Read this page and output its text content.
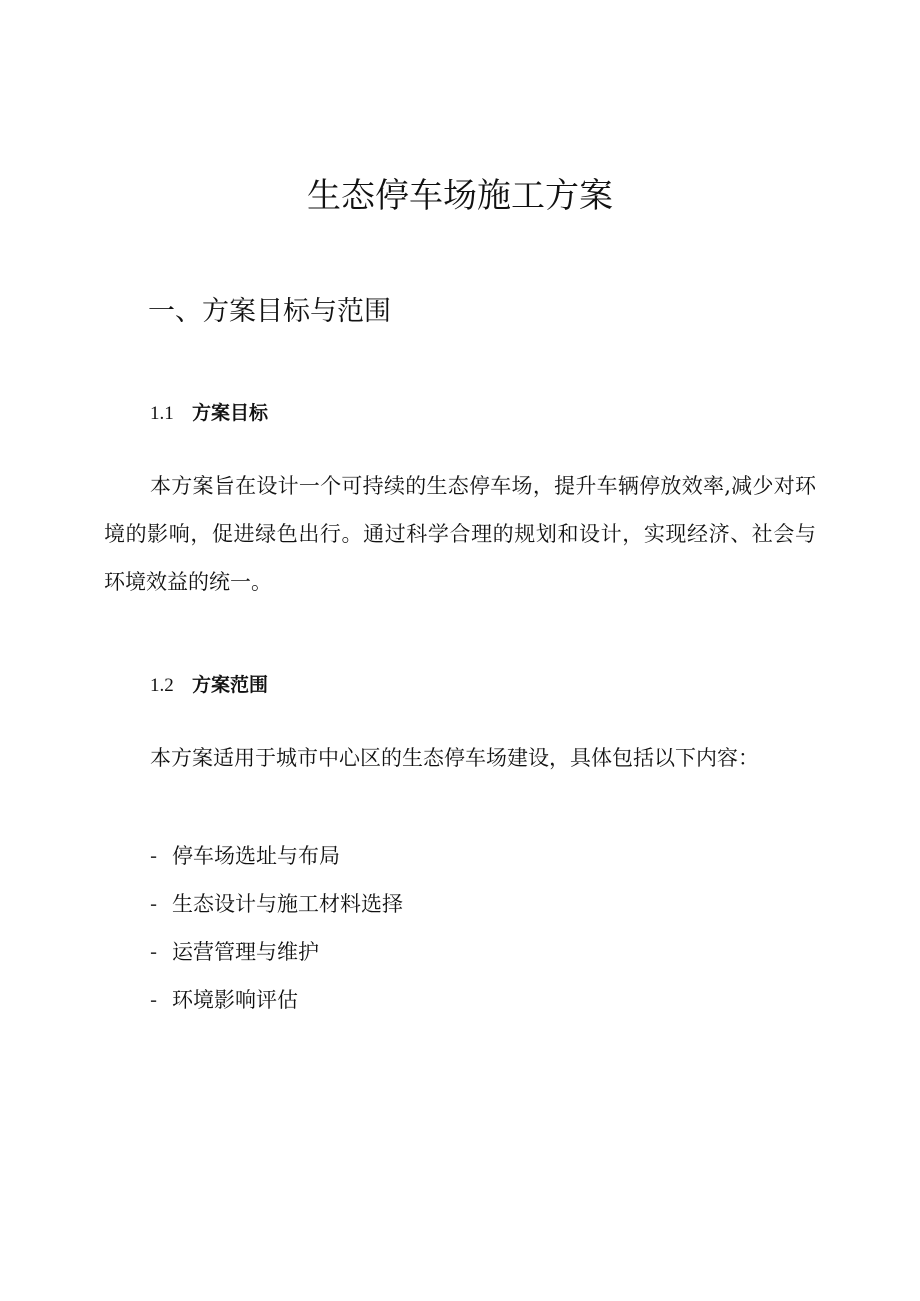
生态停车场施工方案
一、方案目标与范围
1.1 方案目标

本方案旨在设计一个可持续的生态停车场，提升车辆停放效率,减少对环境的影响，促进绿色出行。通过科学合理的规划和设计，实现经济、社会与环境效益的统一。

1.2 方案范围

本方案适用于城市中心区的生态停车场建设，具体包括以下内容：

- 停车场选址与布局
- 生态设计与施工材料选择
- 运营管理与维护
- 环境影响评估
